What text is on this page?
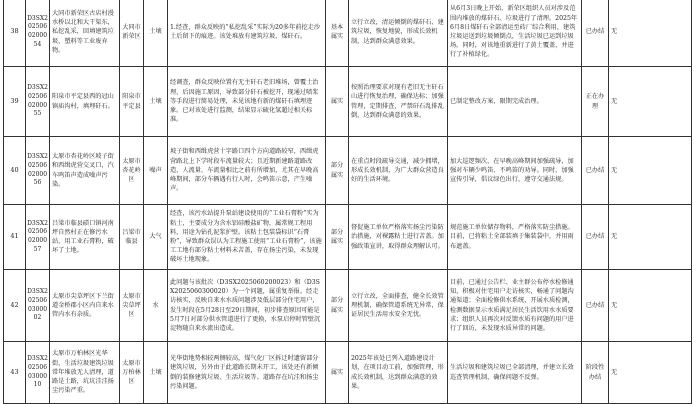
38	D3SX2025060200054	大同市新荣区古店村漫水桥以北和大干渠东，私挖乱采，回填建筑垃圾，塑料等工业废弃物。	大同市新荣区	土壤	1.经查，群众反映的“私挖乱采”实际为20多年前挖走沙土后留下的痕迹。该处堆放有建筑垃圾、煤矸石。	基本属实	立行立改，清运倾倒的煤矸石、建筑垃圾，恢复地貌，形成长效机制，达到群众满意效果。	从6月3日晚上开始，新荣区组织人员对涉及范围内堆放的煤矸石、垃圾进行了清理。2025年6月8日煤矸石全部清运至砖厂综合利用，建筑垃圾运送到垃圾倾倒点，生活垃圾已运到垃圾场。同时，对该地重新进行了黄土覆盖，并进行了补植绿化。	已办结	无
39	D3SX2025060200055	阳泉市平定县西的冠山镇庙沟村，填埋矸石。	阳泉市平定县	土壤	经调查，群众反映位置有无主矸石老旧堆场，曾覆土治理，后因施工原因，导致部分矸石被挖开，现通过喷浆等手段进行简易处理，未见该地有新的煤矸石填埋迹象。已对该处进行监测，结果显示硫化氢超过相关标准。	属实	按照治理要求对现有老旧无主矸石山进行恢复治理，确保达标；加强管理，定期排查，严禁矸石乱排乱倒，达到群众满意的效果。	已制定整改方案，限期完成治理。	正在办理	无
40	D3SX2025060200056	太原市杏花岭区坡子街和西缉虎营交叉口，汽车鸣笛声造成噪声污染。	太原市杏花岭区	噪声	坡子街和西缉虎营十字路口四个方向道路较窄，西缉虎营路北上下学时段车流量较大；且近期新建路道路改造，人流量、车流量相比之前有所增加，尤其在早晚高峰期间，部分车辆遇有行人时，会鸣笛示意，产生噪声。	部分属实	在重点时段疏导交通，减少拥堵，形成长效机制，为广大群众营造良好的生活环境。	加大巡逻频次，在早晚高峰期间加强疏导，加强对车辆少鸣笛、不鸣笛的劝导。同时，加强宣传引导，倡议绿色出行，遵守交通法规。	已办结	无
41	D3SX2025060200057	吕梁市临县碛口镇河南坪自然村正在修污水站，用工业石膏粉，破坏了土地。	吕梁市临县	大气	经查，该污水站提升泵站建设使用的“工业石膏粉”实为粘土，主要成分为含水铝硅酸盐矿物，属常规工程用料，用途为钻孔泥浆护壁。该粘土包装袋标识“石膏粉”，导致群众误认为工程施工使用“工业石膏粉”，该施工工地有部分粘土材料未苫盖，存在扬尘污染，未发现破坏土地现象。	部分属实	督促施工单位严格落实扬尘污染防治措施，对裸露粘土进行苫盖。加强政策宣讲，取得群众理解认可。	规范施工单位储存物料，严格落实防尘措施。目前，已将粘土全部装填于集装袋中，并用雨布遮盖。	已办结	无
42	D3SX2025060300002	太原市尖草坪区下兰街道金桥郡小区内自来水管内水有杂质。	太原市尖草坪区	水	此问题与该批次（D3SX2025060200023）和（D3SX2025060300020）为一个问题，属重复举报。经走访核实，反映自来水水质问题涉及低层部分住宅用户，发生时段在5月28日至29日期间，初步排查原因可能是5月7日对部分供水管道进行了更换，水泵启停时管壁沉淀物随自来水流出造成。	部分属实	立行立改，全面排查，健全长效管理机制，确保管道系统无异常，保证居民生活用水安全无忧。	目前，已通过公告栏、业主群公布停水检修通知，积极对住宅用户走访核实，畅通了问题沟通渠道；全面检修供水系统，开展水质检测，检测数据显示水质满足居民生活饮用水水质要求；组织人员再次对反馈水质有问题的用户进行了回访，未发现水质异常的问题。	已办结	无
43	D3SX2025060300010	太原市万柏林区光华街，生活垃圾建筑垃圾常年堆放无人清理，道路是土路，坑坑洼洼扬尘污染严重。	太原市万柏林区	土壤	光华街地势相较两侧较高，煤气化厂区拆迁时遗留部分建筑垃圾，另外由于此道路长期未开工，该处还有新倾倒的装修建筑垃圾、生活垃圾等。道路存在坑洼和扬尘污染问题。	属实	2025年该处已列入道路建设计划，在项目动工前，加强管理，形成长效机制，达到群众满意的效果。	生活垃圾和建筑垃圾已全部清理，并建立长效巡查管理机制，确保问题不反弹。	阶段性办结	无
